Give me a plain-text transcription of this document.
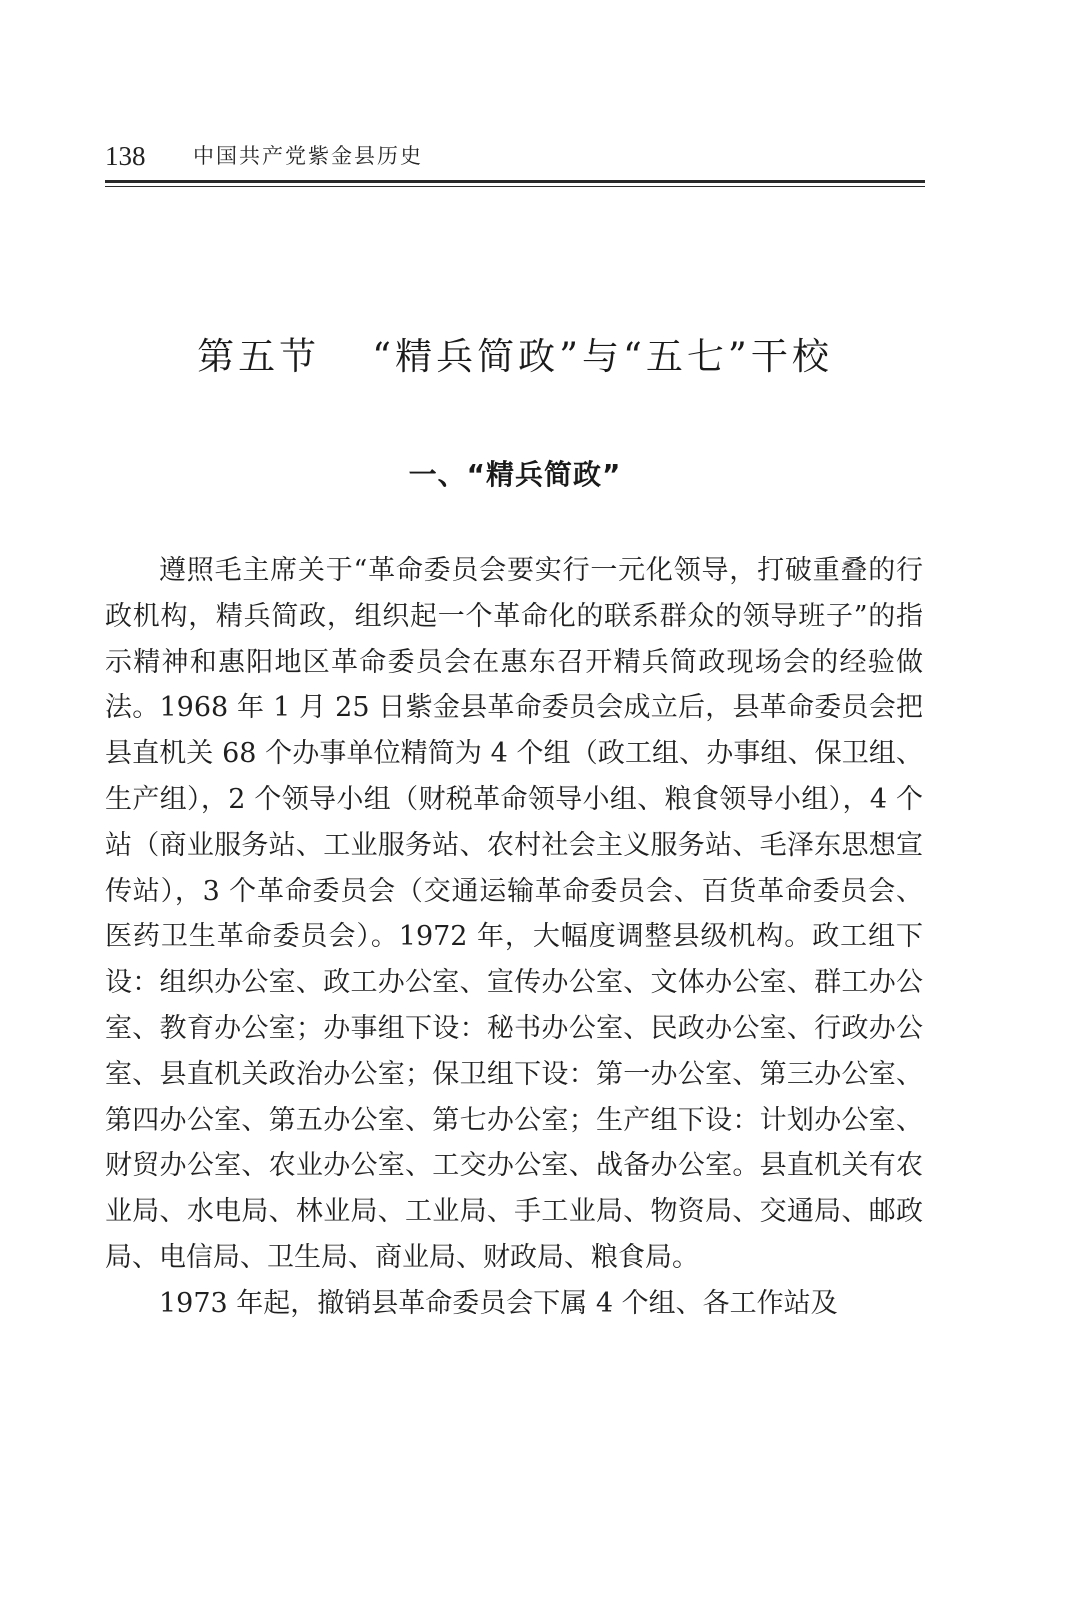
138 中国共产党紫金县历史
第五节 “精兵简政”与“五七”干校
一、“精兵简政”

遵照毛主席关于“革命委员会要实行一元化领导，打破重叠的行政机构，精兵简政，组织起一个革命化的联系群众的领导班子”的指示精神和惠阳地区革命委员会在惠东召开精兵简政现场会的经验做法。1968 年 1 月 25 日紫金县革命委员会成立后，县革命委员会把县直机关 68 个办事单位精简为 4 个组（政工组、办事组、保卫组、生产组），2 个领导小组（财税革命领导小组、粮食领导小组），4 个站（商业服务站、工业服务站、农村社会主义服务站、毛泽东思想宣传站），3 个革命委员会（交通运输革命委员会、百货革命委员会、医药卫生革命委员会）。1972 年，大幅度调整县级机构。政工组下设：组织办公室、政工办公室、宣传办公室、文体办公室、群工办公室、教育办公室；办事组下设：秘书办公室、民政办公室、行政办公室、县直机关政治办公室；保卫组下设：第一办公室、第三办公室、第四办公室、第五办公室、第七办公室；生产组下设：计划办公室、财贸办公室、农业办公室、工交办公室、战备办公室。县直机关有农业局、水电局、林业局、工业局、手工业局、物资局、交通局、邮政局、电信局、卫生局、商业局、财政局、粮食局。

1973 年起，撤销县革命委员会下属 4 个组、各工作站及
